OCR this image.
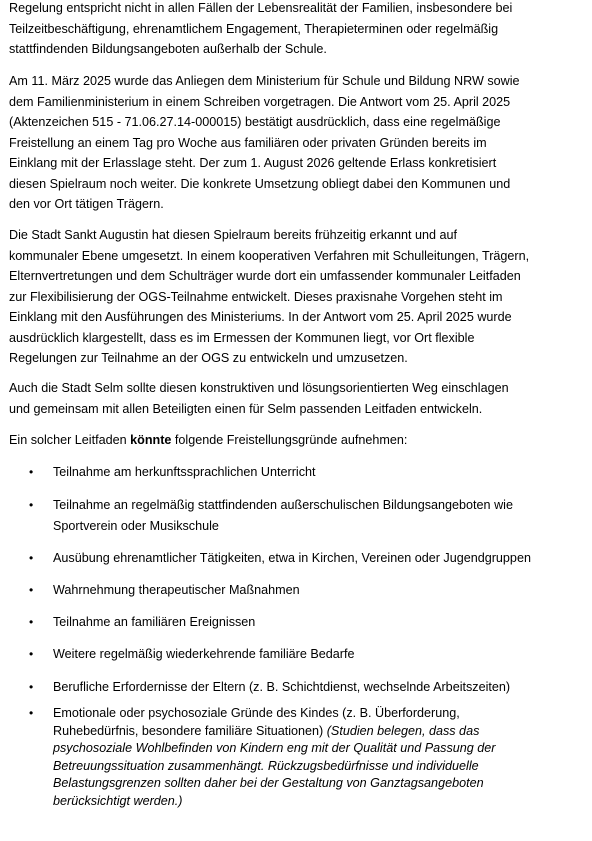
Regelung entspricht nicht in allen Fällen der Lebensrealität der Familien, insbesondere bei
Teilzeitbeschäftigung, ehrenamtlichem Engagement, Therapieterminen oder regelmäßig
stattfindenden Bildungsangeboten außerhalb der Schule.
Am 11. März 2025 wurde das Anliegen dem Ministerium für Schule und Bildung NRW sowie
dem Familienministerium in einem Schreiben vorgetragen. Die Antwort vom 25. April 2025
(Aktenzeichen 515 - 71.06.27.14-000015) bestätigt ausdrücklich, dass eine regelmäßige
Freistellung an einem Tag pro Woche aus familiären oder privaten Gründen bereits im
Einklang mit der Erlasslage steht. Der zum 1. August 2026 geltende Erlass konkretisiert
diesen Spielraum noch weiter. Die konkrete Umsetzung obliegt dabei den Kommunen und
den vor Ort tätigen Trägern.
Die Stadt Sankt Augustin hat diesen Spielraum bereits frühzeitig erkannt und auf
kommunaler Ebene umgesetzt. In einem kooperativen Verfahren mit Schulleitungen, Trägern,
Elternvertretungen und dem Schulträger wurde dort ein umfassender kommunaler Leitfaden
zur Flexibilisierung der OGS-Teilnahme entwickelt. Dieses praxisnahe Vorgehen steht im
Einklang mit den Ausführungen des Ministeriums. In der Antwort vom 25. April 2025 wurde
ausdrücklich klargestellt, dass es im Ermessen der Kommunen liegt, vor Ort flexible
Regelungen zur Teilnahme an der OGS zu entwickeln und umzusetzen.
Auch die Stadt Selm sollte diesen konstruktiven und lösungsorientierten Weg einschlagen
und gemeinsam mit allen Beteiligten einen für Selm passenden Leitfaden entwickeln.
Ein solcher Leitfaden könnte folgende Freistellungsgründe aufnehmen:
• Teilnahme am herkunftssprachlichen Unterricht
• Teilnahme an regelmäßig stattfindenden außerschulischen Bildungsangeboten wie
Sportverein oder Musikschule
• Ausübung ehrenamtlicher Tätigkeiten, etwa in Kirchen, Vereinen oder Jugendgruppen
• Wahrnehmung therapeutischer Maßnahmen
• Teilnahme an familiären Ereignissen
• Weitere regelmäßig wiederkehrende familiäre Bedarfe
• Berufliche Erfordernisse der Eltern (z. B. Schichtdienst, wechselnde Arbeitszeiten)
• Emotionale oder psychosoziale Gründe des Kindes (z. B. Überforderung,
Ruhebedürfnis, besondere familiäre Situationen) (Studien belegen, dass das
psychosoziale Wohlbefinden von Kindern eng mit der Qualität und Passung der
Betreuungssituation zusammenhängt. Rückzugsbedürfnisse und individuelle
Belastungsgrenzen sollten daher bei der Gestaltung von Ganztagsangeboten
berücksichtigt werden.)
